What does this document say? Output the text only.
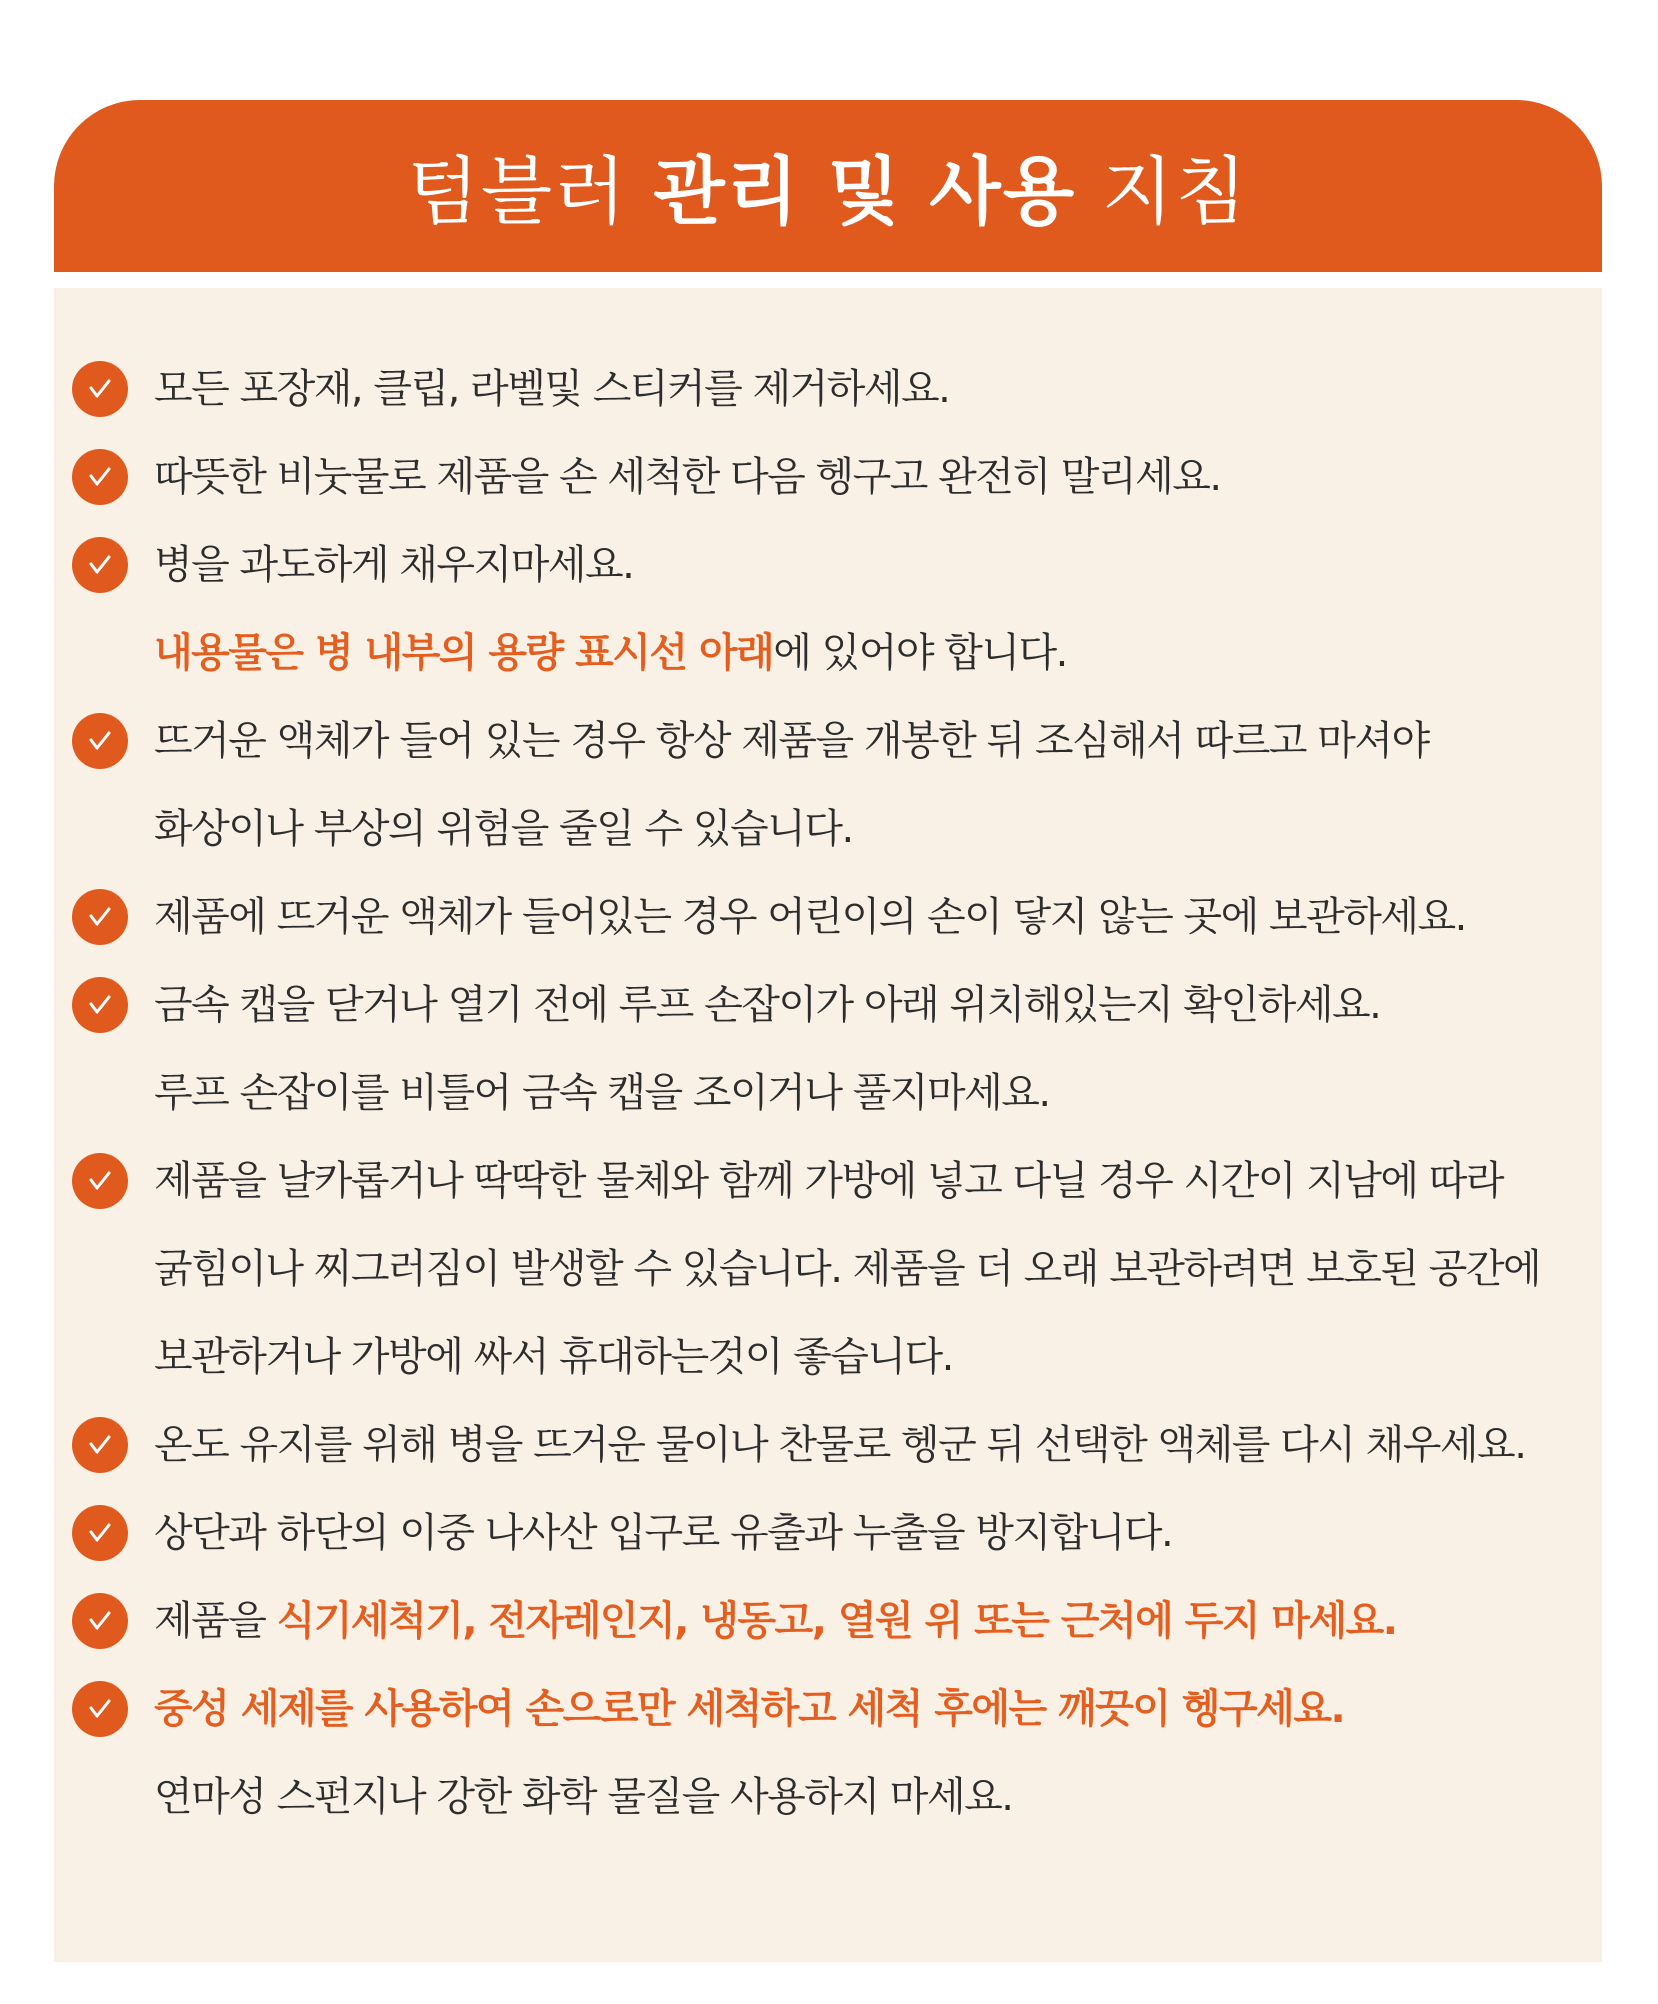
텀블러 관리 및 사용 지침
모든 포장재, 클립, 라벨및 스티커를 제거하세요.
따뜻한 비눗물로 제품을 손 세척한 다음 헹구고 완전히 말리세요.
병을 과도하게 채우지마세요.
내용물은 병 내부의 용량 표시선 아래에 있어야 합니다.
뜨거운 액체가 들어 있는 경우 항상 제품을 개봉한 뒤 조심해서 따르고 마셔야
화상이나 부상의 위험을 줄일 수 있습니다.
제품에 뜨거운 액체가 들어있는 경우 어린이의 손이 닿지 않는 곳에 보관하세요.
금속 캡을 닫거나 열기 전에 루프 손잡이가 아래 위치해있는지 확인하세요.
루프 손잡이를 비틀어 금속 캡을 조이거나 풀지마세요.
제품을 날카롭거나 딱딱한 물체와 함께 가방에 넣고 다닐 경우 시간이 지남에 따라
굵힘이나 찌그러짐이 발생할 수 있습니다. 제품을 더 오래 보관하려면 보호된 공간에
보관하거나 가방에 싸서 휴대하는것이 좋습니다.
온도 유지를 위해 병을 뜨거운 물이나 찬물로 헹군 뒤 선택한 액체를 다시 채우세요.
상단과 하단의 이중 나사산 입구로 유출과 누출을 방지합니다.
제품을 식기세척기, 전자레인지, 냉동고, 열원 위 또는 근처에 두지 마세요.
중성 세제를 사용하여 손으로만 세척하고 세척 후에는 깨끗이 헹구세요.
연마성 스펀지나 강한 화학 물질을 사용하지 마세요.
